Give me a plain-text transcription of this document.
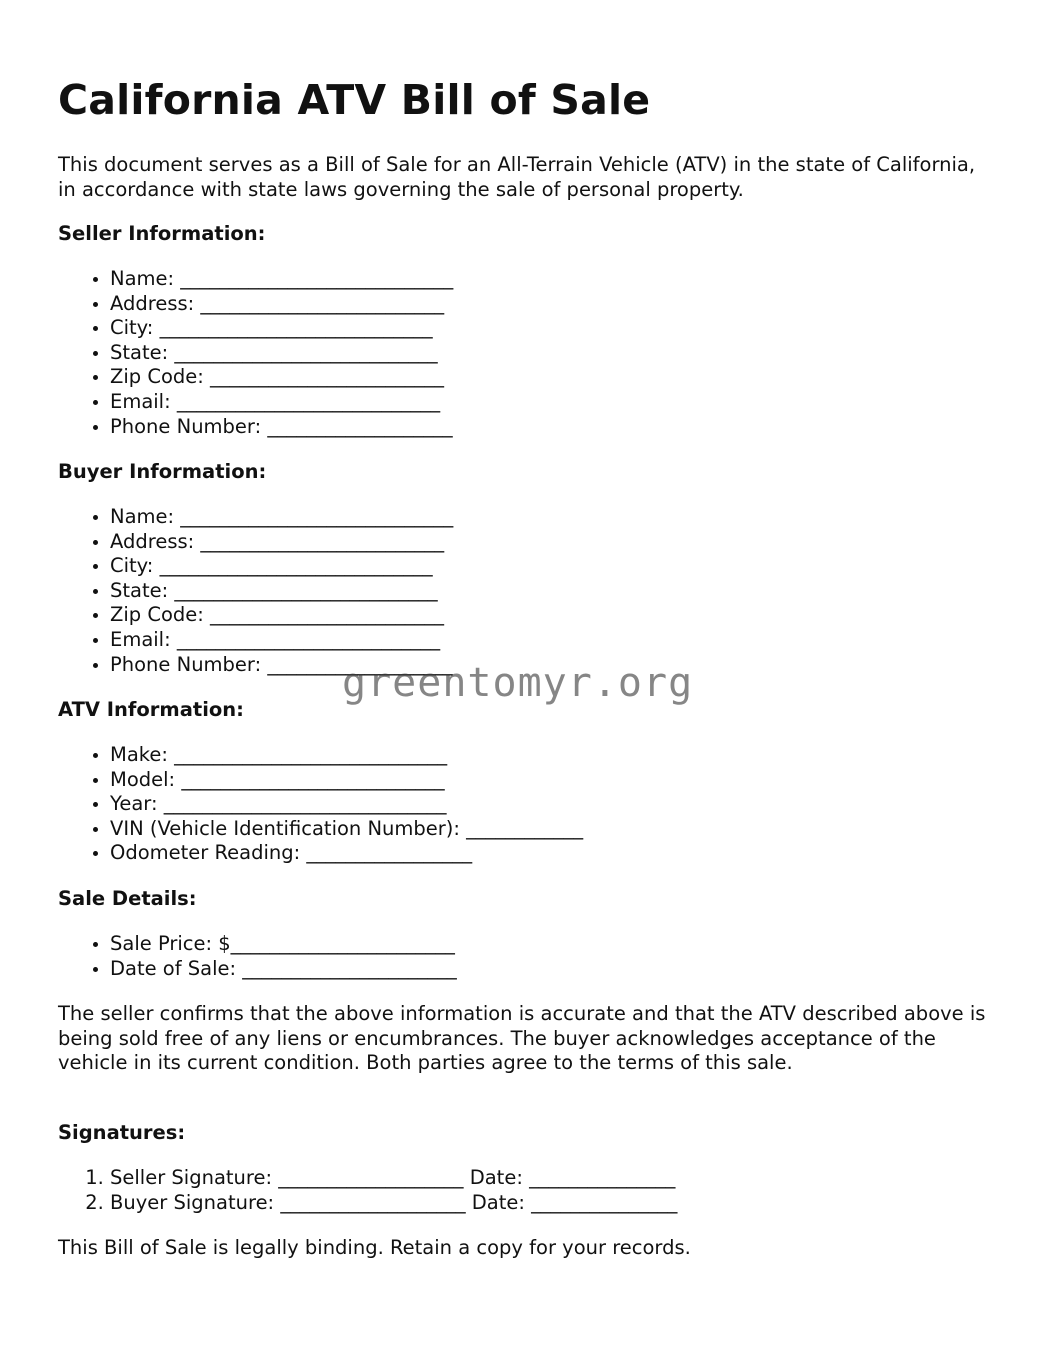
California ATV Bill of Sale

This document serves as a Bill of Sale for an All-Terrain Vehicle (ATV) in the state of California, in accordance with state laws governing the sale of personal property.

Seller Information:

• Name: ____________________________
• Address: _________________________
• City: ____________________________
• State: ___________________________
• Zip Code: ________________________
• Email: ___________________________
• Phone Number: ___________________

Buyer Information:

• Name: ____________________________
• Address: _________________________
• City: ____________________________
• State: ___________________________
• Zip Code: ________________________
• Email: ___________________________
• Phone Number: ___________________

ATV Information:

• Make: ____________________________
• Model: ___________________________
• Year: _____________________________
• VIN (Vehicle Identification Number): ____________
• Odometer Reading: _________________

Sale Details:

• Sale Price: $_______________________
• Date of Sale: ______________________

The seller confirms that the above information is accurate and that the ATV described above is being sold free of any liens or encumbrances. The buyer acknowledges acceptance of the vehicle in its current condition. Both parties agree to the terms of this sale.

Signatures:

1. Seller Signature: ___________________ Date: _______________
2. Buyer Signature: ___________________ Date: _______________

This Bill of Sale is legally binding. Retain a copy for your records.

greentomyr.org
